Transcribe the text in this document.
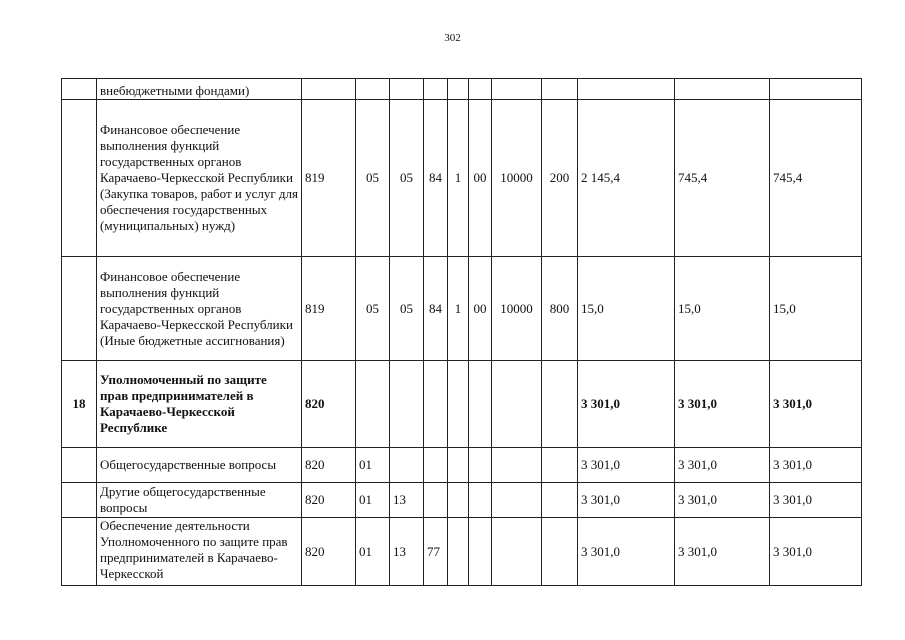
302
	внебюджетными фондами)											
	Финансовое обеспечение выполнения функций государственных органов Карачаево-Черкесской Республики (Закупка товаров, работ и услуг для обеспечения государственных (муниципальных) нужд)	819	05	05	84	1	00	10000	200	2 145,4	745,4	745,4
	Финансовое обеспечение выполнения функций государственных органов Карачаево-Черкесской Республики (Иные бюджетные ассигнования)	819	05	05	84	1	00	10000	800	15,0	15,0	15,0
18	Уполномоченный по защите прав предпринимателей в Карачаево-Черкесской Республике	820								3 301,0	3 301,0	3 301,0
	Общегосударственные вопросы	820	01							3 301,0	3 301,0	3 301,0
	Другие общегосударственные вопросы	820	01	13						3 301,0	3 301,0	3 301,0
	Обеспечение деятельности Уполномоченного по защите прав предпринимателей в Карачаево-Черкесской	820	01	13	77					3 301,0	3 301,0	3 301,0
